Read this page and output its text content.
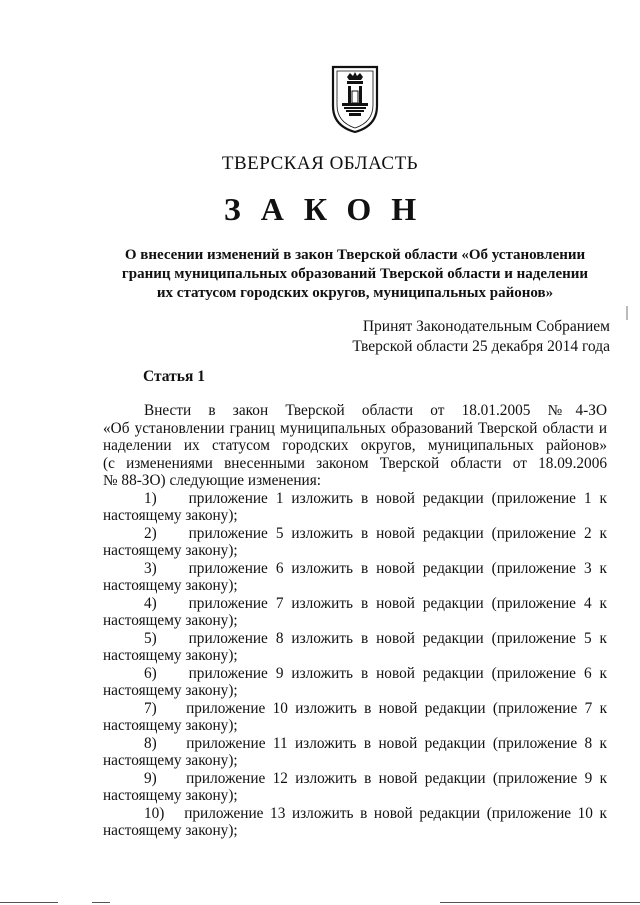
ТВЕРСКАЯ ОБЛАСТЬ
ЗАКОН
О внесении изменений в закон Тверской области «Об установлении
границ муниципальных образований Тверской области и наделении
их статусом городских округов, муниципальных районов»
Принят Законодательным Собранием
Тверской области 25 декабря 2014 года
Статья 1
Внести в закон Тверской области от 18.01.2005 №4-ЗО
«Об установлении границ муниципальных образований Тверской области и
наделении их статусом городских округов, муниципальных районов»
(с изменениями внесенными законом Тверской области от 18.09.2006
№ 88-ЗО) следующие изменения:
1) приложение 1 изложить в новой редакции (приложение 1 к
настоящему закону);
2) приложение 5 изложить в новой редакции (приложение 2 к
настоящему закону);
3) приложение 6 изложить в новой редакции (приложение 3 к
настоящему закону);
4) приложение 7 изложить в новой редакции (приложение 4 к
настоящему закону);
5) приложение 8 изложить в новой редакции (приложение 5 к
настоящему закону);
6) приложение 9 изложить в новой редакции (приложение 6 к
настоящему закону);
7) приложение 10 изложить в новой редакции (приложение 7 к
настоящему закону);
8) приложение 11 изложить в новой редакции (приложение 8 к
настоящему закону);
9) приложение 12 изложить в новой редакции (приложение 9 к
настоящему закону);
10) приложение 13 изложить в новой редакции (приложение 10 к
настоящему закону);
